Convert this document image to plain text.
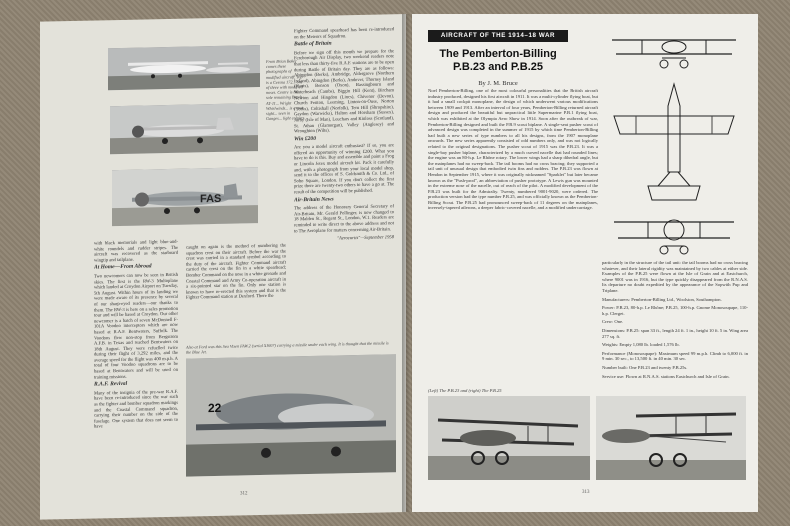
FAS
From Brian Baker comes these photographs of modified aircraft. Top is a Cessna 172... one of three with modified noses. Centre is the sole remaining Beech AT-11... Wright Whirlwinds... is a rare sight... seen in Ganges... light colours.

with black memorials and light blue-and-white roundels and rudder stripes. The aircraft was recovered as the starboard wingtip and tailplane.

At Home—From Abroad

Two newcomers can now be seen in British skies. The first is the RW-3 Multoplane which landed at Croydon Airport on Tuesday, 5th August. Within hours of its landing we were made aware of its presence by several of our sharp-eyed readers—our thanks to them. The RW-3 is here on a sales promotion tour and will be based at Croydon. Our other newcomer is a batch of seven McDonnell F-101A Voodoo interceptors which are now based at R.A.F. Bentwaters, Suffolk. The Voodoos flew non-stop from Bergstrom A.F.B. in Texas and reached Bentwaters on 18th August. They were refuelled twice during their flight of 3,292 miles, and the average speed for the flight was 400 m.p.h. A total of four Voodoo squadrons are to be based at Bentwaters and will be used on training missions.

R.A.F. Revival

Many of the insignia of the pre-war R.A.F. have been re-introduced since the war such as the fighter and bomber squadron markings and the Coastal Command squadron, carrying their number on the side of the fuselage. One system that does not seem to have

caught on again is the method of numbering the squadron crest on their aircraft. Before the war the crest was carried in a standard symbol according to the duty of the aircraft. Fighter Command aircraft carried the crest on the fin in a white spearhead; Bomber Command on the nose in a white grenade and Coastal Command and Army Co-operation aircraft in a six-pointed star on the fin. Only one station is known to have re-erected this system and that is the Fighter Command station at Dexford. There the

Also at Ford was this Sea Vixen FAW.2 (serial XJ607) carrying a missile under each wing. It is thought that the missile is the Blue Jet.
22

Fighter Command spearhead has been re-introduced on the Meteors of Squadron.

Battle of Britain

Before we sign off this month we prepare for the Fereborough Air Display, two weekend readers note that less than thirty-five R.A.F. stations are to be open during Battle of Britain day. They are as follows: Abingdon (Berks), Ambridge, Aldergrove (Northern Ireland), Abingdon (Berks), Andover, Thorney Island (Hants), Benson (Oxon), Bassingbourn and Waterbeach (Cambs), Biggin Hill (Kent), Bircham Newton and Hingdon (Lincs), Chivenor (Devon), Church Fenton, Leeming, Linton-on-Ouse, Norton (Yorks), Coltishall (Norfolk), Tern Hill (Shropshire), Gaydon (Warwicks), Halton and Horsham (Sussex), Jurby (Isle of Man), Leuchars and Kinloss (Scotland), St. Athan (Glamorgan), Valley (Anglesey) and Wroughton (Wilts).

Win £200

Are you a model aircraft enthusiast? If so, you are offered an opportunity of winning £200. What you have to do is this. Buy and assemble and paint a Frog or Lincoln Jetex model aircraft kit. Pack it carefully and, with a photograph from your local model shop, send it to the offices of S. Goldsmith & Co. Ltd., of Soho Square, London. If you don't collect the first prize there are twenty-two others to have a go at. The result of the competition will be published.

Air-Britain News

The address of the Honorary General Secretary of Air-Britain, Mr. Gerald Pollinger, is now changed to 18 Malden St., Regent St., London, W.1. Readers are reminded to write direct to the above address and not to The Aeroplane for matters concerning Air-Britain.

"Aerocurtis"—September 1958

312
AIRCRAFT OF THE 1914–18 WAR
The Pemberton-Billing P.B.23 and P.B.25
By J. M. Bruce

Noel Pemberton-Billing, one of the most colourful personalities that the British aircraft industry produced, designed his first aircraft in 1911. It was a multi-cylinder flying boat, but it had a small cockpit monoplane, the design of which underwent various modifications between 1909 and 1913. After an interval of four years, Pemberton-Billing returned aircraft design and produced the beautiful but unpractical little Supermarine P.B.1 flying boat, which was exhibited at the Olympia Aero Show in 1914. Soon after the outbreak of war, Pemberton-Billing designed and built the P.B.9 scout biplane. A single-seat pusher scout of advanced design was completed in the summer of 1915 by which time Pemberton-Billing had built a new series of type numbers to all his designs, from the 1907 monoplane onwards. The new series apparently consisted of odd numbers only, and was not logically related to the original designations. The pusher scout of 1915 was the P.B.23. It was a single-bay pusher biplane, characterized by a much curved nacelle that had rounded lines; the engine was an 80-h.p. Le Rhône rotary. The lower wings had a sharp dihedral angle, but the mainplanes had no sweep-back. The tail booms had no cross bracing; they supported a tail unit of unusual design that embodied twin fins and rudders. The P.B.23 was flown at Hendon in September 1915, where it was originally nicknamed "Sparklet" but later became known as the "Push-prod", an abbreviation of pusher prototype. A Lewis gun was mounted in the extreme nose of the nacelle, out of reach of the pilot. A modified development of the P.B.23 was built for the Admiralty. Twenty, numbered 9001-9020, were ordered. The production version had the type number P.B.25, and was officially known as the Pemberton-Billing Scout. The P.B.25 had pronounced sweep-back of 11 degrees on the mainplanes, inversely-tapered ailerons, a deeper fabric-covered nacelle, and a modified undercarriage.

particularly in the structure of the tail unit: the tail booms had no cross bracing whatever, and their lateral rigidity was maintained by two cables at either side. Examples of the P.B.25 were flown at the Isle of Grain and at Eastchurch, where 9001 was in 1916, but the type quickly disappeared from the R.N.A.S. Its departure no doubt expedited by the appearance of the Sopwith Pup and Triplane.

Manufacturers: Pemberton-Billing Ltd., Woolston, Southampton.

Power: P.B.23, 80-h.p. Le Rhône; P.B.25, 100-h.p. Gnome Monosoupape, 110-h.p. Clerget.

Crew: One.

Dimensions: P.B.25: span 33 ft., length 24 ft. 1 in., height 10 ft. 5 in. Wing area 277 sq. ft.

Weights: Empty 1,080 lb. loaded 1,576 lb.

Performance (Monosoupape): Maximum speed 99 m.p.h. Climb to 6,000 ft. in 9 min. 30 sec., to 13,500 ft. in 40 min. 30 sec.

Number built: One P.B.23 and twenty P.B.25s.

Service use: Flown at R.N.A.S. stations Eastchurch and Isle of Grain.

(Left) The P.B.23 and (right) The P.B.25
313
